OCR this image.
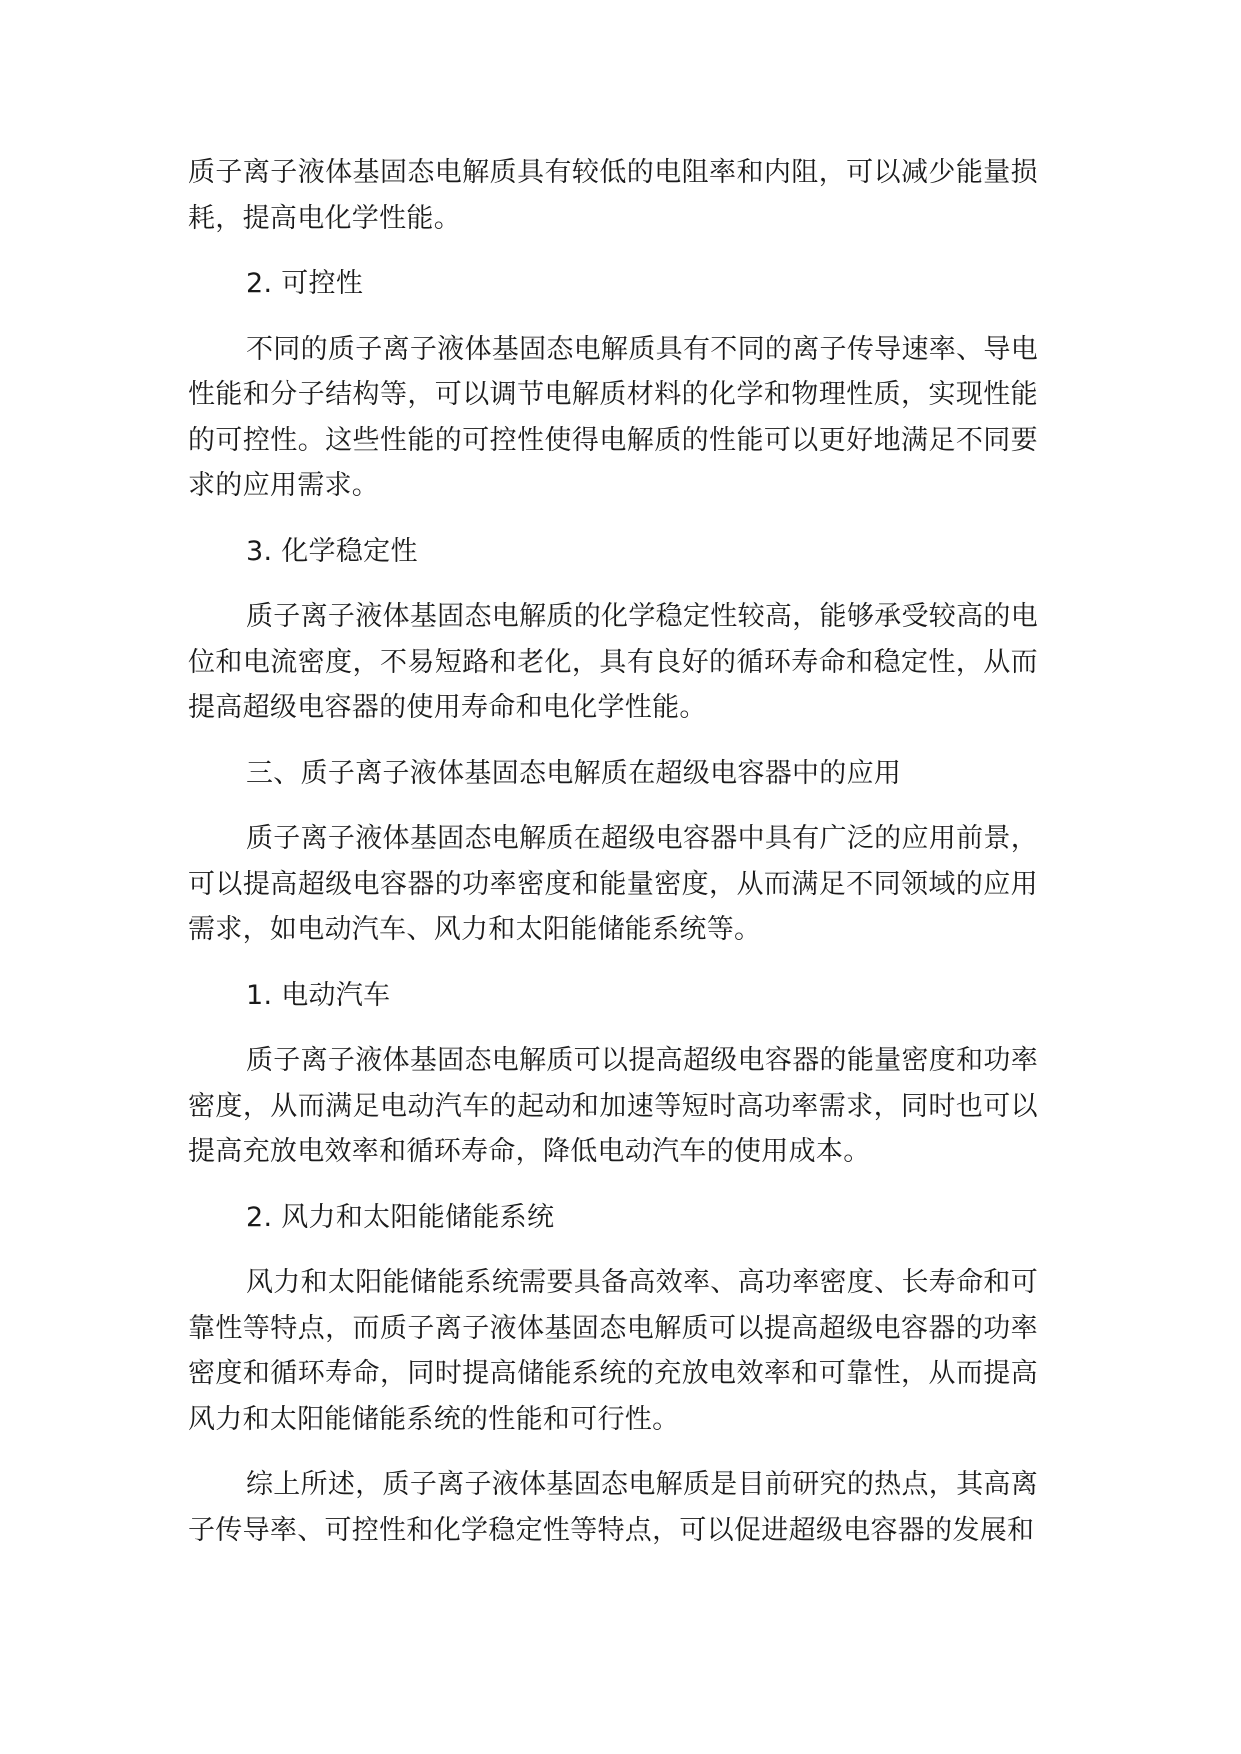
质子离子液体基固态电解质具有较低的电阻率和内阻，可以减少能量损耗，提高电化学性能。

2. 可控性

不同的质子离子液体基固态电解质具有不同的离子传导速率、导电性能和分子结构等，可以调节电解质材料的化学和物理性质，实现性能的可控性。这些性能的可控性使得电解质的性能可以更好地满足不同要求的应用需求。

3. 化学稳定性

质子离子液体基固态电解质的化学稳定性较高，能够承受较高的电位和电流密度，不易短路和老化，具有良好的循环寿命和稳定性，从而提高超级电容器的使用寿命和电化学性能。

三、质子离子液体基固态电解质在超级电容器中的应用

质子离子液体基固态电解质在超级电容器中具有广泛的应用前景，可以提高超级电容器的功率密度和能量密度，从而满足不同领域的应用需求，如电动汽车、风力和太阳能储能系统等。

1. 电动汽车

质子离子液体基固态电解质可以提高超级电容器的能量密度和功率密度，从而满足电动汽车的起动和加速等短时高功率需求，同时也可以提高充放电效率和循环寿命，降低电动汽车的使用成本。

2. 风力和太阳能储能系统

风力和太阳能储能系统需要具备高效率、高功率密度、长寿命和可靠性等特点，而质子离子液体基固态电解质可以提高超级电容器的功率密度和循环寿命，同时提高储能系统的充放电效率和可靠性，从而提高风力和太阳能储能系统的性能和可行性。

综上所述，质子离子液体基固态电解质是目前研究的热点，其高离子传导率、可控性和化学稳定性等特点，可以促进超级电容器的发展和
